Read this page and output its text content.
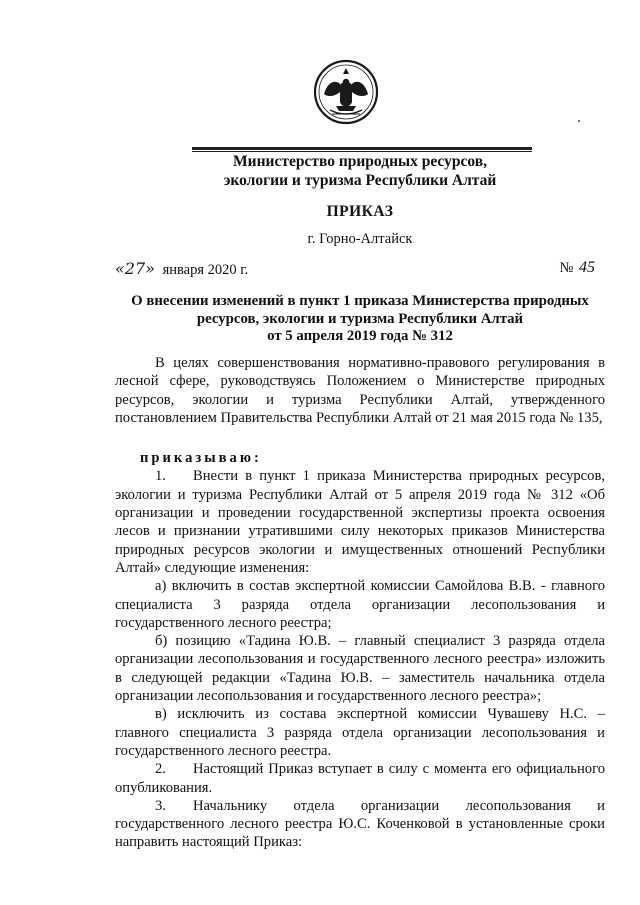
Министерство природных ресурсов,
экологии и туризма Республики Алтай
ПРИКАЗ
г. Горно-Алтайск
«27» января 2020 г.	№ 45
О внесении изменений в пункт 1 приказа Министерства природных
ресурсов, экологии и туризма Республики Алтай
от 5 апреля 2019 года № 312

В целях совершенствования нормативно-правового регулирования в лесной сфере, руководствуясь Положением о Министерстве природных ресурсов, экологии и туризма Республики Алтай, утвержденного постановлением Правительства Республики Алтай от 21 мая 2015 года № 135,

приказываю:

1. Внести в пункт 1 приказа Министерства природных ресурсов, экологии и туризма Республики Алтай от 5 апреля 2019 года № 312 «Об организации и проведении государственной экспертизы проекта освоения лесов и признании утратившими силу некоторых приказов Министерства природных ресурсов экологии и имущественных отношений Республики Алтай» следующие изменения:

а) включить в состав экспертной комиссии Самойлова В.В. - главного специалиста 3 разряда отдела организации лесопользования и государственного лесного реестра;

б) позицию «Тадина Ю.В. – главный специалист 3 разряда отдела организации лесопользования и государственного лесного реестра» изложить в следующей редакции «Тадина Ю.В. – заместитель начальника отдела организации лесопользования и государственного лесного реестра»;

в) исключить из состава экспертной комиссии Чувашеву Н.С. – главного специалиста 3 разряда отдела организации лесопользования и государственного лесного реестра.

2. Настоящий Приказ вступает в силу с момента его официального опубликования.

3. Начальнику отдела организации лесопользования и государственного лесного реестра Ю.С. Коченковой в установленные сроки направить настоящий Приказ:
